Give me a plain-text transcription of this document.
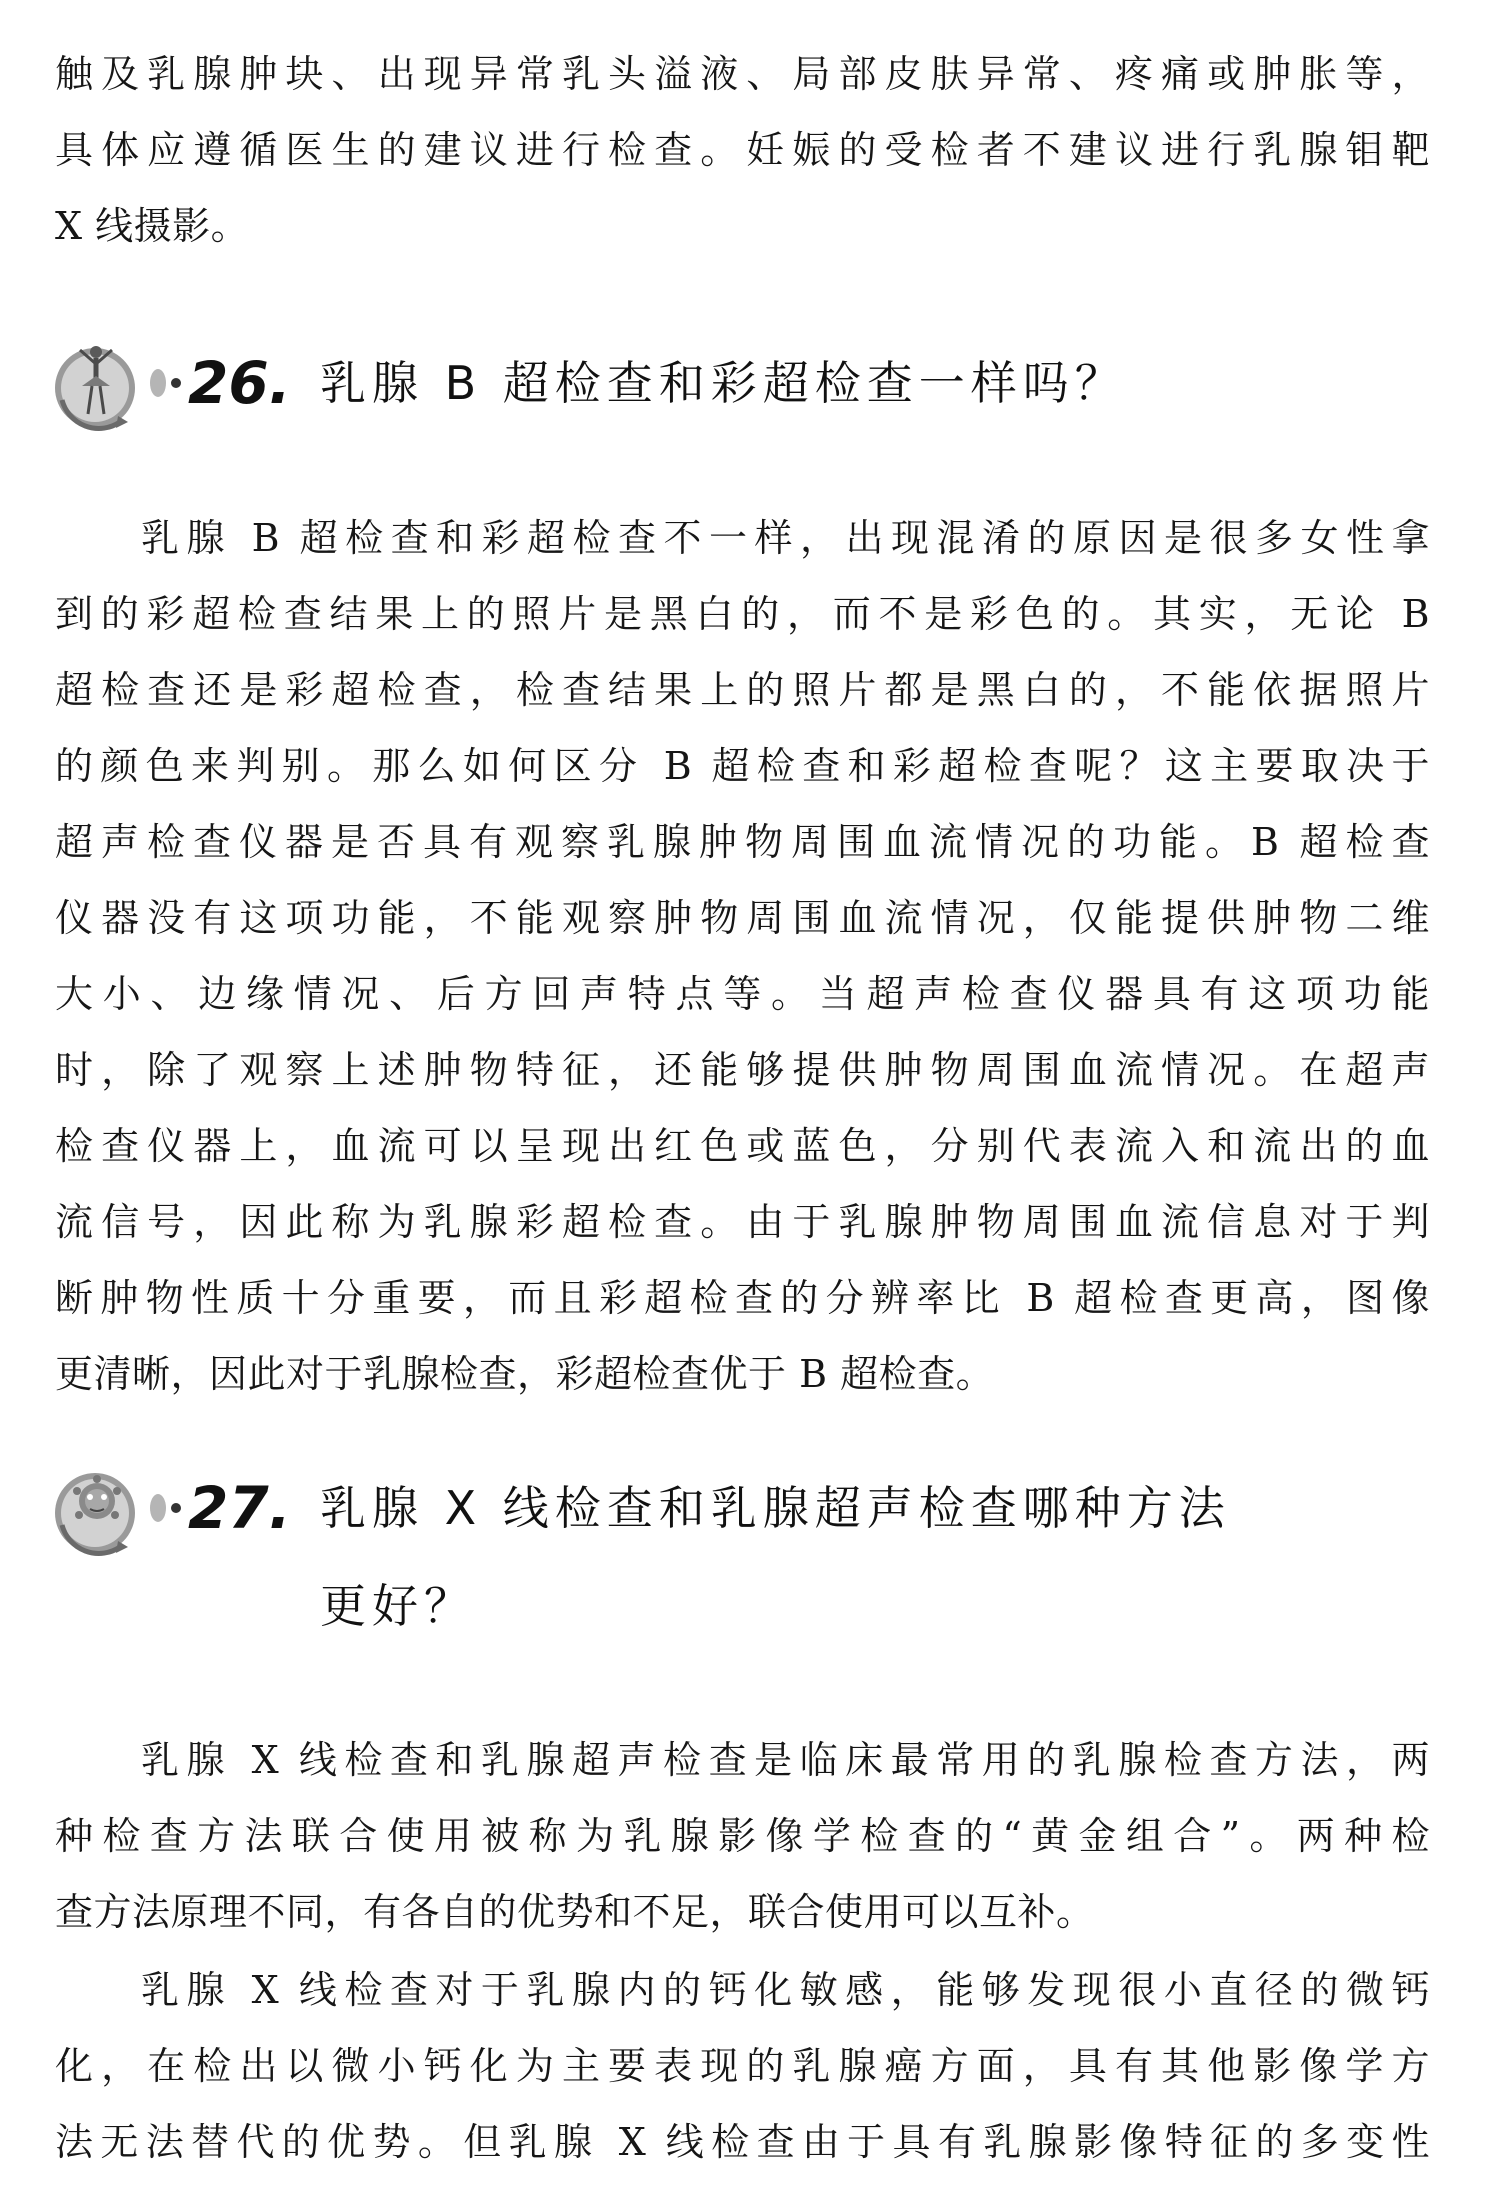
触及乳腺肿块、出现异常乳头溢液、局部皮肤异常、疼痛或肿胀等，
具体应遵循医生的建议进行检查。妊娠的受检者不建议进行乳腺钼靶
X 线摄影。
26. 乳腺 B 超检查和彩超检查一样吗？
乳腺 B 超检查和彩超检查不一样，出现混淆的原因是很多女性拿
到的彩超检查结果上的照片是黑白的，而不是彩色的。其实，无论 B
超检查还是彩超检查，检查结果上的照片都是黑白的，不能依据照片
的颜色来判别。那么如何区分 B 超检查和彩超检查呢？这主要取决于
超声检查仪器是否具有观察乳腺肿物周围血流情况的功能。B 超检查
仪器没有这项功能，不能观察肿物周围血流情况，仅能提供肿物二维
大小、边缘情况、后方回声特点等。当超声检查仪器具有这项功能
时，除了观察上述肿物特征，还能够提供肿物周围血流情况。在超声
检查仪器上，血流可以呈现出红色或蓝色，分别代表流入和流出的血
流信号，因此称为乳腺彩超检查。由于乳腺肿物周围血流信息对于判
断肿物性质十分重要，而且彩超检查的分辨率比 B 超检查更高，图像
更清晰，因此对于乳腺检查，彩超检查优于 B 超检查。
27. 乳腺 X 线检查和乳腺超声检查哪种方法
更好？
乳腺 X 线检查和乳腺超声检查是临床最常用的乳腺检查方法，两
种检查方法联合使用被称为乳腺影像学检查的“黄金组合”。两种检
查方法原理不同，有各自的优势和不足，联合使用可以互补。
乳腺 X 线检查对于乳腺内的钙化敏感，能够发现很小直径的微钙
化，在检出以微小钙化为主要表现的乳腺癌方面，具有其他影像学方
法无法替代的优势。但乳腺 X 线检查由于具有乳腺影像特征的多变性
